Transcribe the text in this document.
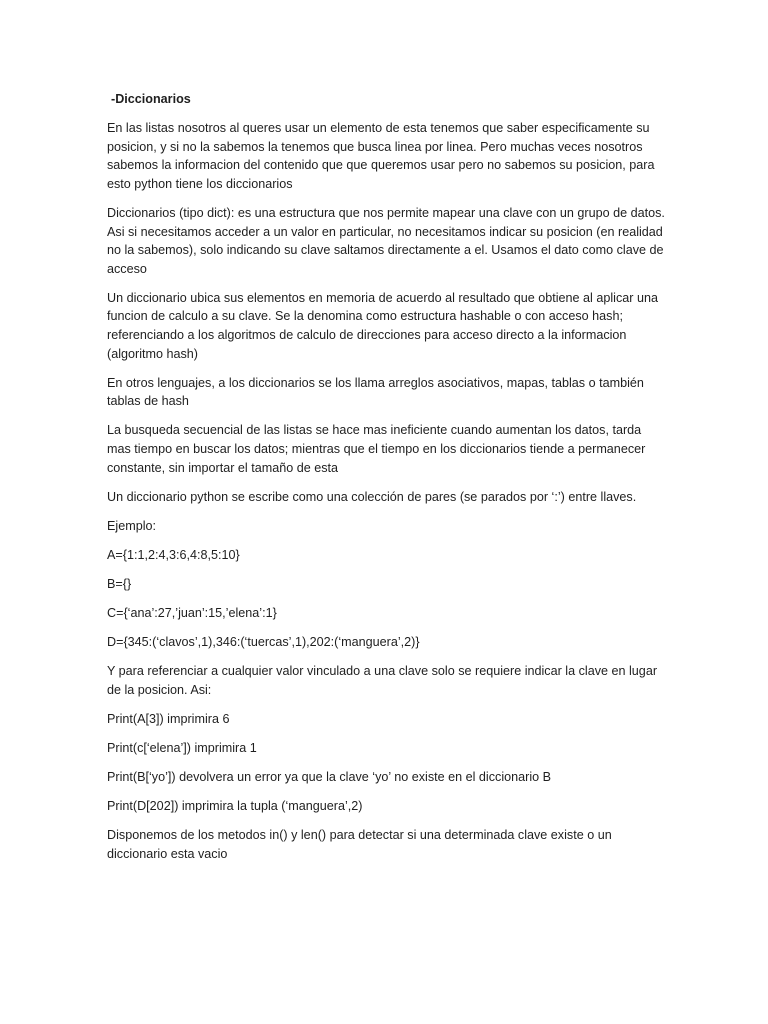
-Diccionarios

En las listas nosotros al queres usar un elemento de esta tenemos que saber especificamente su posicion, y si no la sabemos la tenemos que busca linea por linea. Pero muchas veces nosotros sabemos la informacion del contenido que que queremos usar pero no sabemos su posicion, para esto python tiene los diccionarios

Diccionarios (tipo dict): es una estructura que nos permite mapear una clave con un grupo de datos. Asi si necesitamos acceder a un valor en particular, no necesitamos indicar su posicion (en realidad no la sabemos), solo indicando su clave saltamos directamente a el. Usamos el dato como clave de acceso

Un diccionario ubica sus elementos en memoria de acuerdo al resultado que obtiene al aplicar una funcion de calculo a su clave. Se la denomina como estructura hashable o con acceso hash; referenciando a los algoritmos de calculo de direcciones para acceso directo a la informacion (algoritmo hash)

En otros lenguajes, a los diccionarios se los llama arreglos asociativos, mapas, tablas o también tablas de hash

La busqueda secuencial de las listas se hace mas ineficiente cuando aumentan los datos, tarda mas tiempo en buscar los datos; mientras que el tiempo en los diccionarios tiende a permanecer constante, sin importar el tamaño de esta

Un diccionario python se escribe como una colección de pares (se parados por ‘:’) entre llaves.

Ejemplo:

A={1:1,2:4,3:6,4:8,5:10}

B={}

C={‘ana’:27,’juan’:15,’elena’:1}

D={345:(‘clavos’,1),346:(‘tuercas’,1),202:(‘manguera’,2)}

Y para referenciar a cualquier valor vinculado a una clave solo se requiere indicar la clave en lugar de la posicion. Asi:

Print(A[3]) imprimira 6

Print(c[‘elena’]) imprimira 1

Print(B[‘yo’]) devolvera un error ya que la clave ‘yo’ no existe en el diccionario B

Print(D[202]) imprimira la tupla (‘manguera’,2)

Disponemos de los metodos in() y len() para detectar si una determinada clave existe o un diccionario esta vacio
